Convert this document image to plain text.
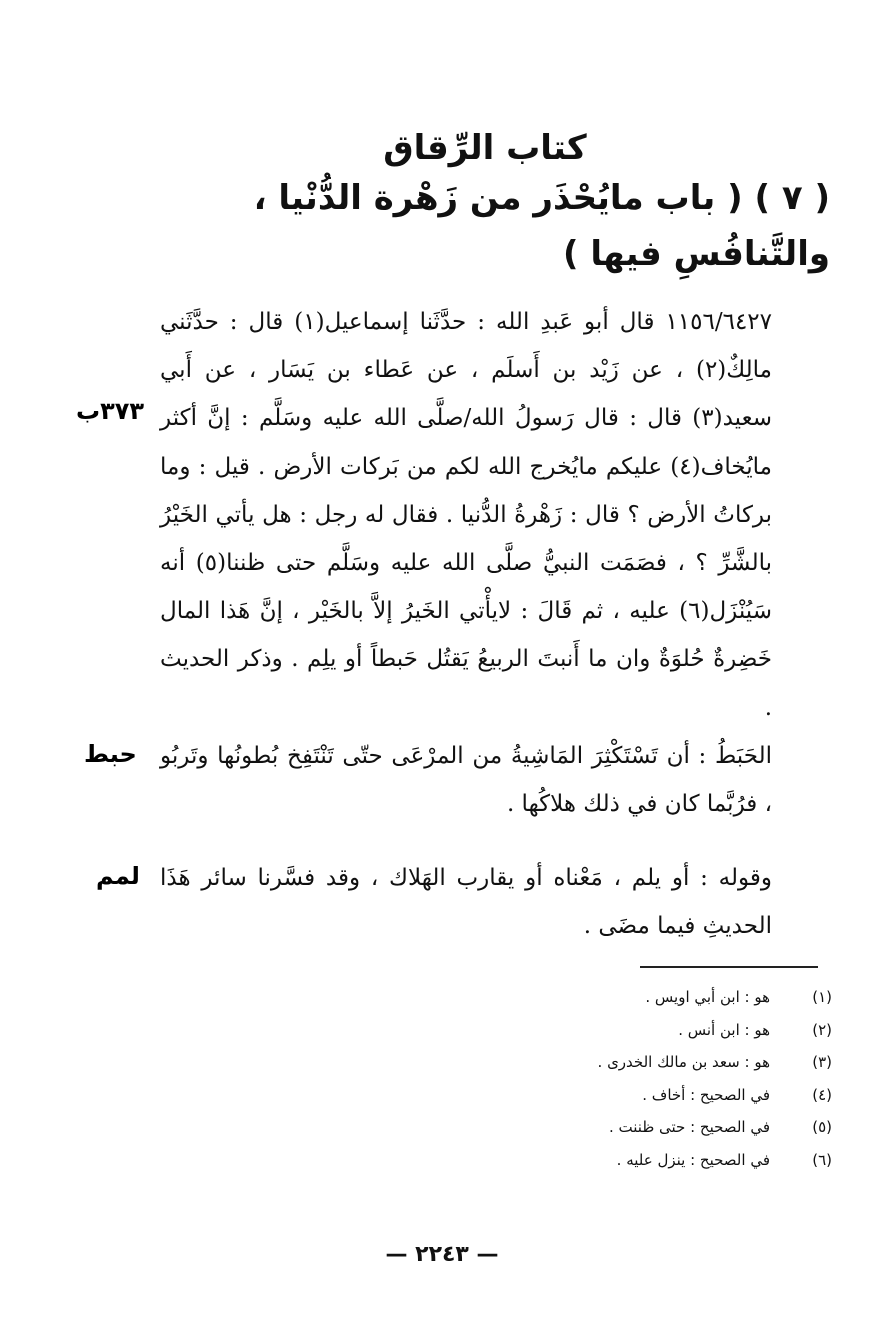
كتاب الرِّقاق
( ٧ ) ( باب مايُحْذَر من زَهْرة الدُّنْيا ، والتَّنافُسِ فيها )
٣٧٣ب
١١٥٦/٦٤٢٧ قال أبو عَبدِ الله : حدَّثَنا إسماعيل(١) قال : حدَّثَني مالِكٌ(٢) ، عن زَيْد بن أَسلَم ، عن عَطاء بن يَسَار ، عن أَبي سعيد(٣) قال : قال رَسولُ الله/صلَّى الله عليه وسَلَّم : إنَّ أكثر مايُخاف(٤) عليكم مايُخرج الله لكم من بَركات الأرض . قيل : وما بركاتُ الأرض ؟ قال : زَهْرةُ الدُّنيا . فقال له رجل : هل يأتي الخَيْرُ بالشَّرِّ ؟ ، فصَمَت النبيُّ صلَّى الله عليه وسَلَّم حتى ظننا(٥) أنه سَيُنْزَل(٦) عليه ، ثم قَالَ : لايأْتي الخَيرُ إلاَّ بالخَيْر ، إنَّ هَذا المال خَضِرةٌ حُلوَةٌ وان ما أَنبتَ الربيعُ يَقتُل حَبطاً أو يلِم . وذكر الحديث .
حبط الحَبَطُ : أن تَسْتَكْثِرَ المَاشِيةُ من المرْعَى حتّى تَنْتَفِخ بُطونُها وتَربُو ، فرُبَّما كان في ذلك هلاكُها .
لمم وقوله : أو يلم ، مَعْناه أو يقارب الهَلاك ، وقد فسَّرنا سائر هَذَا الحديثِ فيما مضَى .
(١)
هو : ابن أبي اويس .
(٢)
هو : ابن أنس .
(٣)
هو : سعد بن مالك الخدرى .
(٤)
في الصحيح : أخاف .
(٥)
في الصحيح : حتى ظننت .
(٦)
في الصحيح : ينزل عليه .
— ٢٢٤٣ —
